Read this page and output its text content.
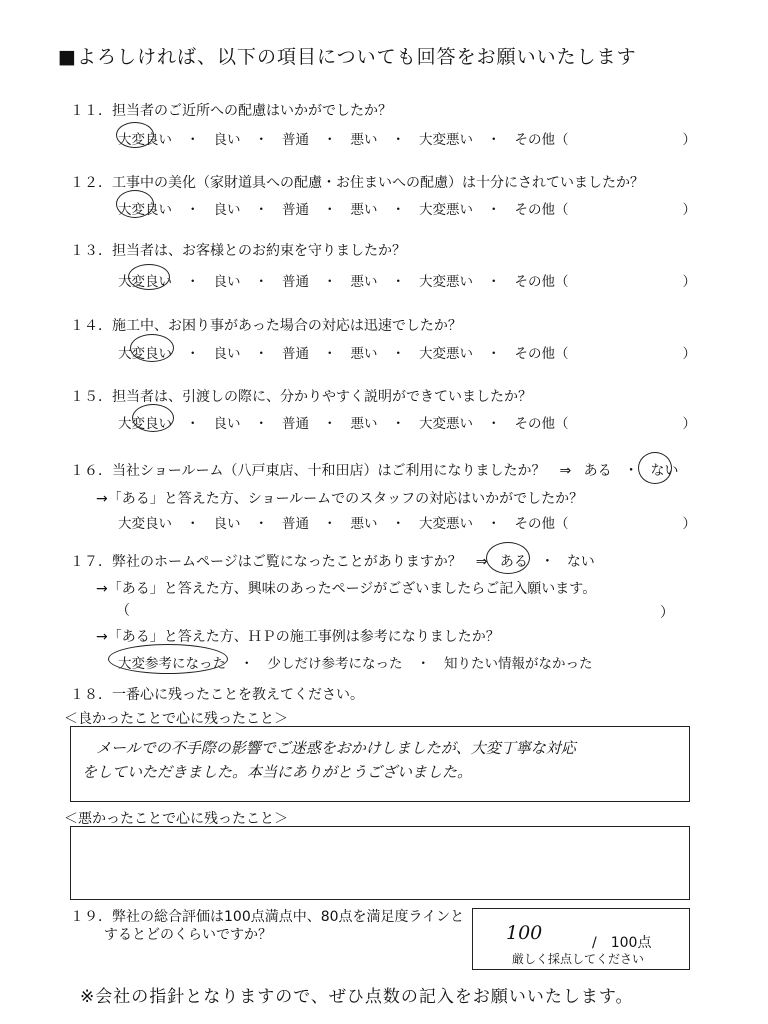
■よろしければ、以下の項目についても回答をお願いいたします
１１．担当者のご近所への配慮はいかがでしたか？
大変良い ・ 良い ・ 普通 ・ 悪い ・ 大変悪い ・ その他（	）
１２．工事中の美化（家財道具への配慮・お住まいへの配慮）は十分にされていましたか？
大変良い ・ 良い ・ 普通 ・ 悪い ・ 大変悪い ・ その他（	）
１３．担当者は、お客様とのお約束を守りましたか？
大変良い ・ 良い ・ 普通 ・ 悪い ・ 大変悪い ・ その他（	）
１４．施工中、お困り事があった場合の対応は迅速でしたか？
大変良い ・ 良い ・ 普通 ・ 悪い ・ 大変悪い ・ その他（	）
１５．担当者は、引渡しの際に、分かりやすく説明ができていましたか？
大変良い ・ 良い ・ 普通 ・ 悪い ・ 大変悪い ・ その他（	）
１６．当社ショールーム（八戸東店、十和田店）はご利用になりましたか？　⇒ ある ・ ない
→「ある」と答えた方、ショールームでのスタッフの対応はいかがでしたか？
大変良い ・ 良い ・ 普通 ・ 悪い ・ 大変悪い ・ その他（	）
１７．弊社のホームページはご覧になったことがありますか？　⇒ ある ・ ない
→「ある」と答えた方、興味のあったページがございましたらご記入願います。
（	）
→「ある」と答えた方、ＨＰの施工事例は参考になりましたか？
大変参考になった ・ 少しだけ参考になった ・ 知りたい情報がなかった
１８．一番心に残ったことを教えてください。
＜良かったことで心に残ったこと＞
メールでの不手際の影響でご迷惑をおかけしましたが、大変丁寧な対応
をしていただきました。本当にありがとうございました。
＜悪かったことで心に残ったこと＞
１９．弊社の総合評価は100点満点中、80点を満足度ラインと
するとどのくらいですか？	100	/　100点
厳しく採点してください
※会社の指針となりますので、ぜひ点数の記入をお願いいたします。
